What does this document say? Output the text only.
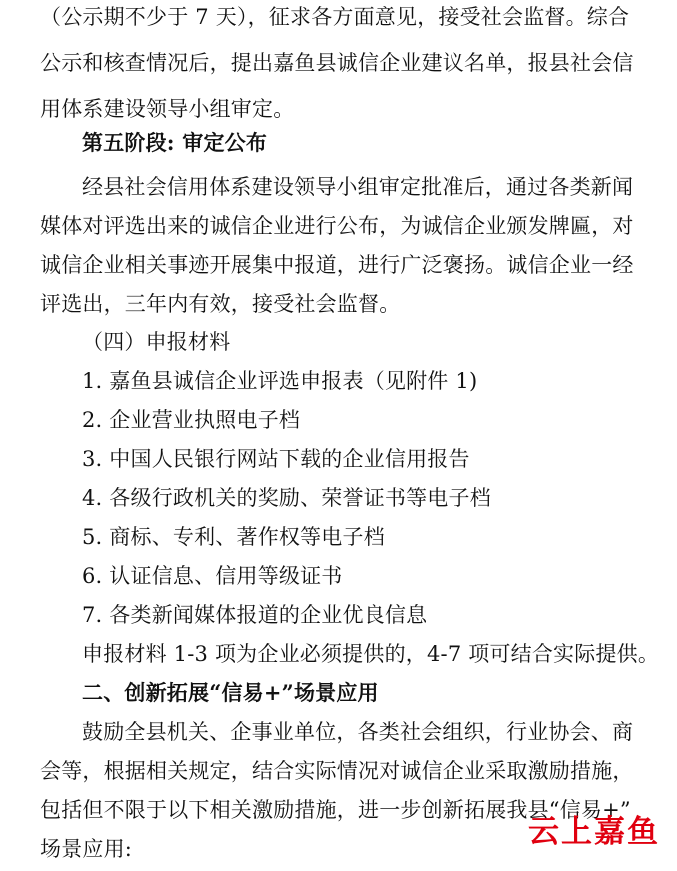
（公示期不少于 7 天），征求各方面意见，接受社会监督。综合
公示和核查情况后，提出嘉鱼县诚信企业建议名单，报县社会信
用体系建设领导小组审定。
第五阶段: 审定公布
经县社会信用体系建设领导小组审定批准后，通过各类新闻
媒体对评选出来的诚信企业进行公布，为诚信企业颁发牌匾，对
诚信企业相关事迹开展集中报道，进行广泛褒扬。诚信企业一经
评选出，三年内有效，接受社会监督。
（四）申报材料
1. 嘉鱼县诚信企业评选申报表（见附件 1)
2. 企业营业执照电子档
3. 中国人民银行网站下载的企业信用报告
4. 各级行政机关的奖励、荣誉证书等电子档
5. 商标、专利、著作权等电子档
6. 认证信息、信用等级证书
7. 各类新闻媒体报道的企业优良信息
申报材料 1-3 项为企业必须提供的，4-7 项可结合实际提供。
二、创新拓展“信易+”场景应用
鼓励全县机关、企事业单位，各类社会组织，行业协会、商
会等，根据相关规定，结合实际情况对诚信企业采取激励措施，
包括但不限于以下相关激励措施，进一步创新拓展我县“信易+”
场景应用:	云上嘉鱼
